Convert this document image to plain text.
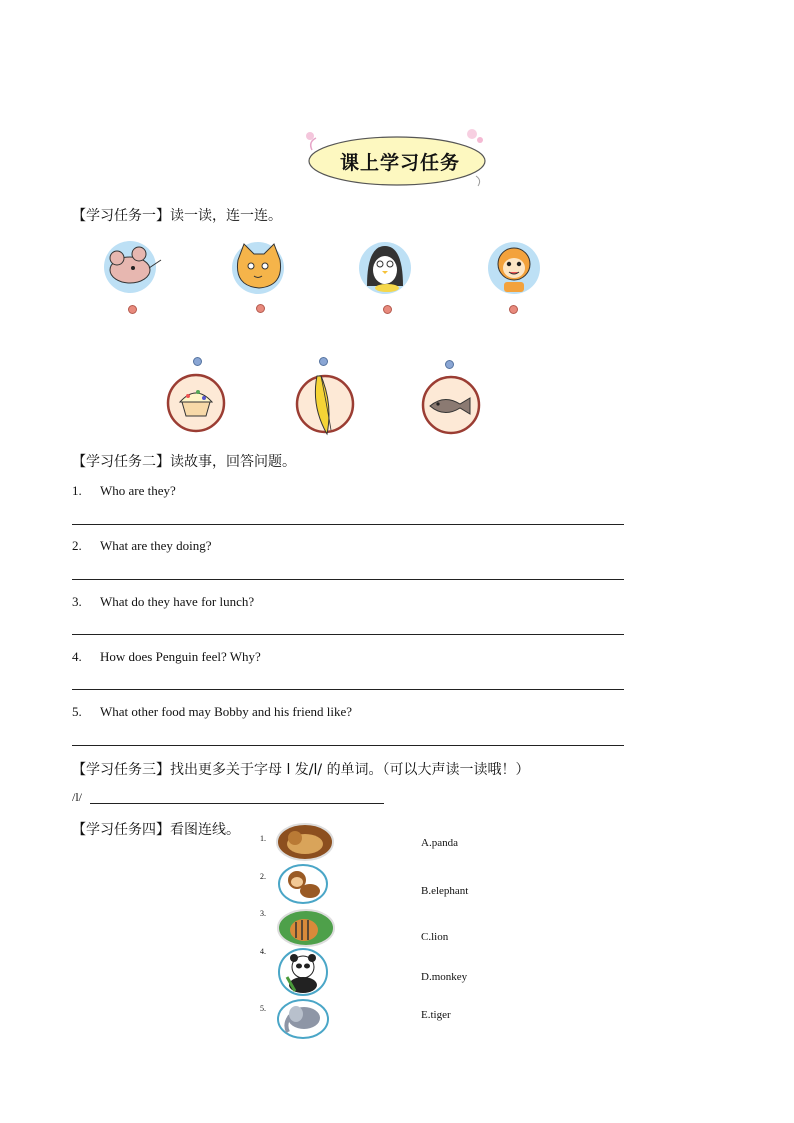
课上学习任务
【学习任务一】读一读，连一连。
【学习任务二】读故事，回答问题。
1. Who are they?
2. What are they doing?
3. What do they have for lunch?
4. How does Penguin feel? Why?
5. What other food may Bobby and his friend like?
【学习任务三】找出更多关于字母 l 发/l/ 的单词。（可以大声读一读哦！）
/l/
【学习任务四】看图连线。
1.
2.
3.
4.
5.
A.panda
B.elephant
C.lion
D.monkey
E.tiger
